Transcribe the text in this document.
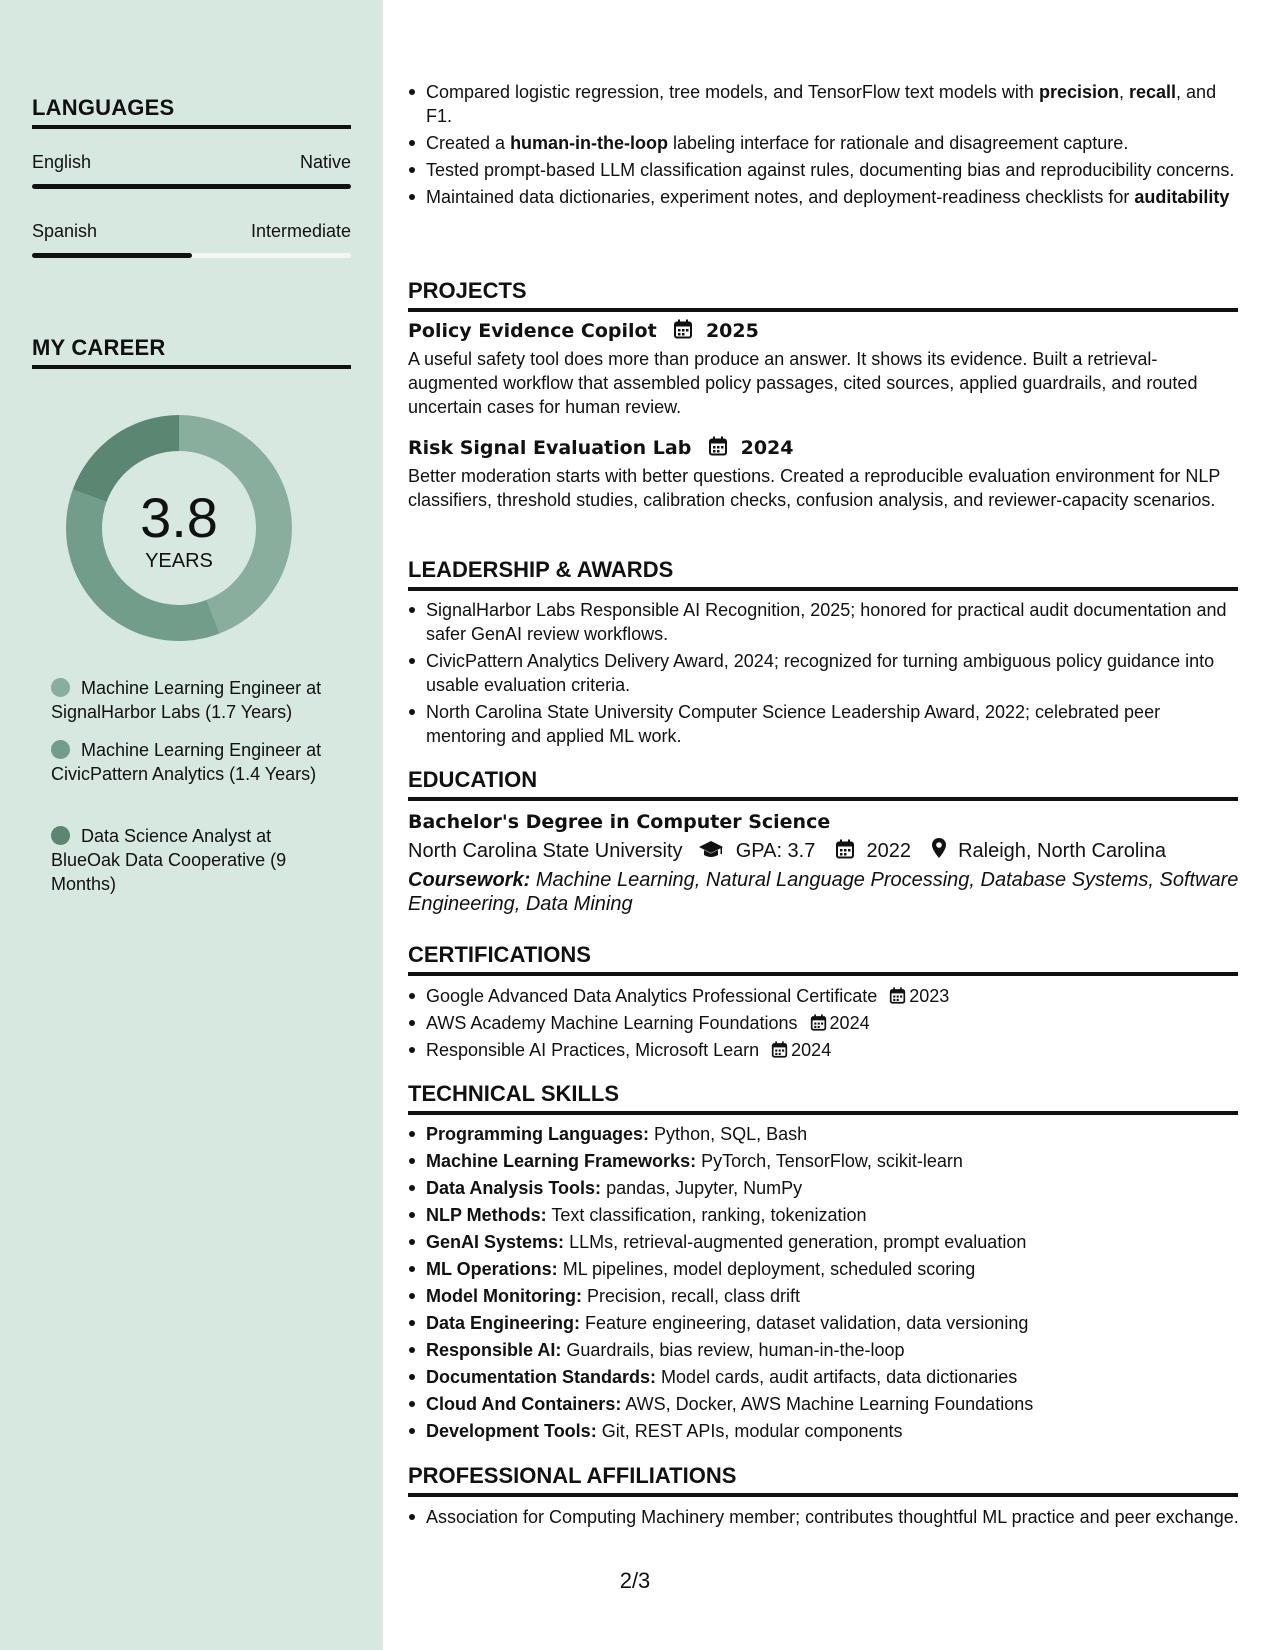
LANGUAGES
English	Native
Spanish	Intermediate
MY CAREER
3.8
YEARS
Machine Learning Engineer at SignalHarbor Labs (1.7 Years)
Machine Learning Engineer at CivicPattern Analytics (1.4 Years)
Data Science Analyst at BlueOak Data Cooperative (9 Months)
Compared logistic regression, tree models, and TensorFlow text models with precision, recall, and F1.
Created a human-in-the-loop labeling interface for rationale and disagreement capture.
Tested prompt-based LLM classification against rules, documenting bias and reproducibility concerns.
Maintained data dictionaries, experiment notes, and deployment-readiness checklists for auditability
PROJECTS
Policy Evidence Copilot	2025
A useful safety tool does more than produce an answer. It shows its evidence. Built a retrieval-augmented workflow that assembled policy passages, cited sources, applied guardrails, and routed uncertain cases for human review.
Risk Signal Evaluation Lab	2024
Better moderation starts with better questions. Created a reproducible evaluation environment for NLP classifiers, threshold studies, calibration checks, confusion analysis, and reviewer-capacity scenarios.
LEADERSHIP & AWARDS
SignalHarbor Labs Responsible AI Recognition, 2025; honored for practical audit documentation and safer GenAI review workflows.
CivicPattern Analytics Delivery Award, 2024; recognized for turning ambiguous policy guidance into usable evaluation criteria.
North Carolina State University Computer Science Leadership Award, 2022; celebrated peer mentoring and applied ML work.
EDUCATION
Bachelor's Degree in Computer Science
North Carolina State University	GPA: 3.7	2022 Raleigh, North Carolina
Coursework: Machine Learning, Natural Language Processing, Database Systems, Software Engineering, Data Mining
CERTIFICATIONS
Google Advanced Data Analytics Professional Certificate 2023
AWS Academy Machine Learning Foundations 2024
Responsible AI Practices, Microsoft Learn 2024
TECHNICAL SKILLS
Programming Languages: Python, SQL, Bash
Machine Learning Frameworks: PyTorch, TensorFlow, scikit-learn
Data Analysis Tools: pandas, Jupyter, NumPy
NLP Methods: Text classification, ranking, tokenization
GenAI Systems: LLMs, retrieval-augmented generation, prompt evaluation
ML Operations: ML pipelines, model deployment, scheduled scoring
Model Monitoring: Precision, recall, class drift
Data Engineering: Feature engineering, dataset validation, data versioning
Responsible AI: Guardrails, bias review, human-in-the-loop
Documentation Standards: Model cards, audit artifacts, data dictionaries
Cloud And Containers: AWS, Docker, AWS Machine Learning Foundations
Development Tools: Git, REST APIs, modular components
PROFESSIONAL AFFILIATIONS
Association for Computing Machinery member; contributes thoughtful ML practice and peer exchange.
2/3
